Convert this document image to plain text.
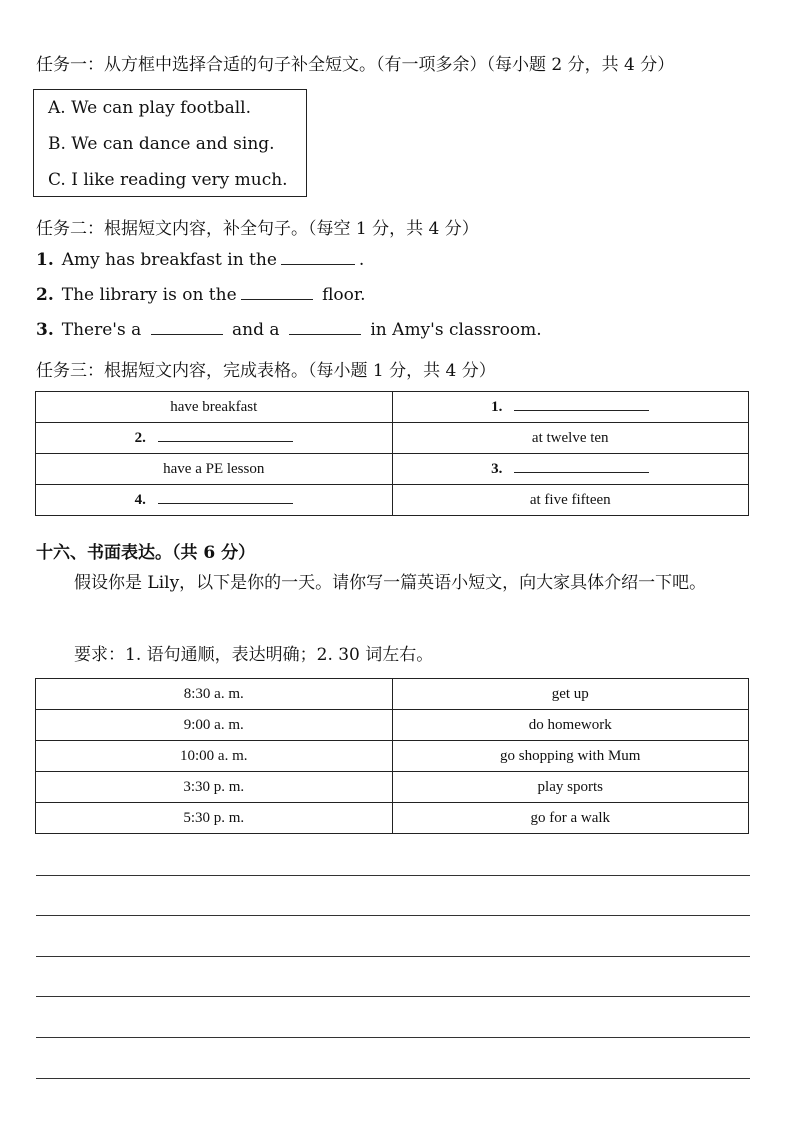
任务一：从方框中选择合适的句子补全短文。（有一项多余）（每小题 2 分，共 4 分）
A. We can play football.
B. We can dance and sing.
C. I like reading very much.
任务二：根据短文内容，补全句子。（每空 1 分，共 4 分）
1. Amy has breakfast in the	.
2. The library is on the	floor.
3. There's a	and a	in Amy's classroom.
任务三：根据短文内容，完成表格。（每小题 1 分，共 4 分）
have breakfast	1.
2.	at twelve ten
have a PE lesson	3.
4.	at five fifteen
十六、书面表达。（共 6 分）
假设你是 Lily，以下是你的一天。请你写一篇英语小短文，向大家具体介绍一下吧。
要求：1. 语句通顺，表达明确；2. 30 词左右。
8:30 a. m.	get up
9:00 a. m.	do homework
10:00 a. m.	go shopping with Mum
3:30 p. m.	play sports
5:30 p. m.	go for a walk
